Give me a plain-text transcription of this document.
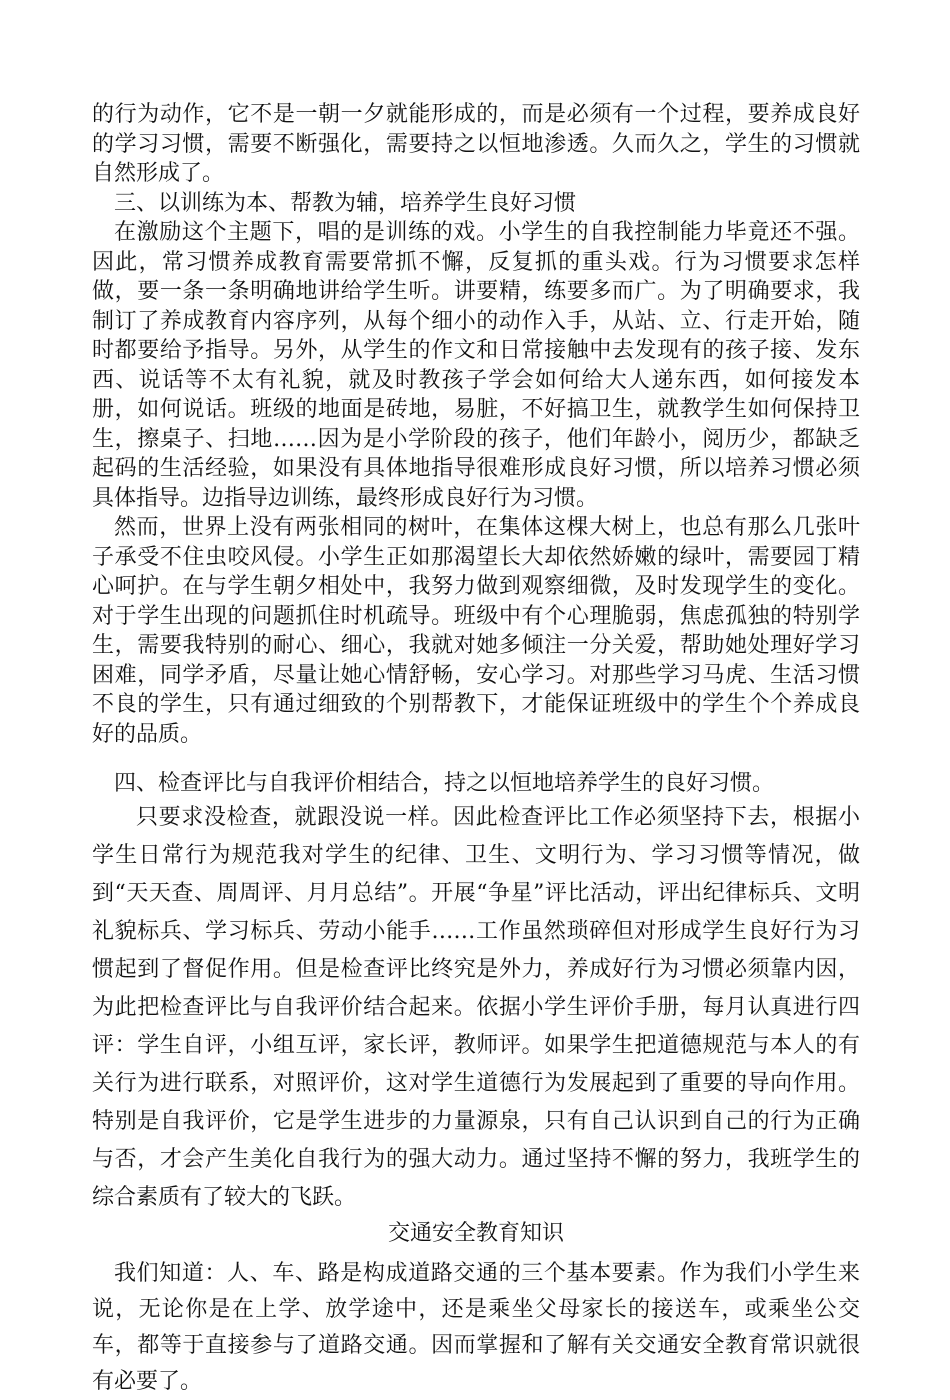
的行为动作，它不是一朝一夕就能形成的，而是必须有一个过程，要养成良好的学习习惯，需要不断强化，需要持之以恒地渗透。久而久之，学生的习惯就自然形成了。

三、以训练为本、帮教为辅，培养学生良好习惯

在激励这个主题下，唱的是训练的戏。小学生的自我控制能力毕竟还不强。因此，常习惯养成教育需要常抓不懈，反复抓的重头戏。行为习惯要求怎样做，要一条一条明确地讲给学生听。讲要精，练要多而广。为了明确要求，我制订了养成教育内容序列，从每个细小的动作入手，从站、立、行走开始，随时都要给予指导。另外，从学生的作文和日常接触中去发现有的孩子接、发东西、说话等不太有礼貌，就及时教孩子学会如何给大人递东西，如何接发本册，如何说话。班级的地面是砖地，易脏，不好搞卫生，就教学生如何保持卫生，擦桌子、扫地……因为是小学阶段的孩子，他们年龄小，阅历少，都缺乏起码的生活经验，如果没有具体地指导很难形成良好习惯，所以培养习惯必须具体指导。边指导边训练，最终形成良好行为习惯。

然而，世界上没有两张相同的树叶，在集体这棵大树上，也总有那么几张叶子承受不住虫咬风侵。小学生正如那渴望长大却依然娇嫩的绿叶，需要园丁精心呵护。在与学生朝夕相处中，我努力做到观察细微，及时发现学生的变化。对于学生出现的问题抓住时机疏导。班级中有个心理脆弱，焦虑孤独的特别学生，需要我特别的耐心、细心，我就对她多倾注一分关爱，帮助她处理好学习困难，同学矛盾，尽量让她心情舒畅，安心学习。对那些学习马虎、生活习惯不良的学生，只有通过细致的个别帮教下，才能保证班级中的学生个个养成良好的品质。

四、检查评比与自我评价相结合，持之以恒地培养学生的良好习惯。

只要求没检查，就跟没说一样。因此检查评比工作必须坚持下去，根据小学生日常行为规范我对学生的纪律、卫生、文明行为、学习习惯等情况，做到“天天查、周周评、月月总结”。开展“争星”评比活动，评出纪律标兵、文明礼貌标兵、学习标兵、劳动小能手……工作虽然琐碎但对形成学生良好行为习惯起到了督促作用。但是检查评比终究是外力，养成好行为习惯必须靠内因，为此把检查评比与自我评价结合起来。依据小学生评价手册，每月认真进行四评：学生自评，小组互评，家长评，教师评。如果学生把道德规范与本人的有关行为进行联系，对照评价，这对学生道德行为发展起到了重要的导向作用。特别是自我评价，它是学生进步的力量源泉，只有自己认识到自己的行为正确与否，才会产生美化自我行为的强大动力。通过坚持不懈的努力，我班学生的综合素质有了较大的飞跃。

交通安全教育知识

我们知道：人、车、路是构成道路交通的三个基本要素。作为我们小学生来说，无论你是在上学、放学途中，还是乘坐父母家长的接送车，或乘坐公交车，都等于直接参与了道路交通。因而掌握和了解有关交通安全教育常识就很有必要了。
